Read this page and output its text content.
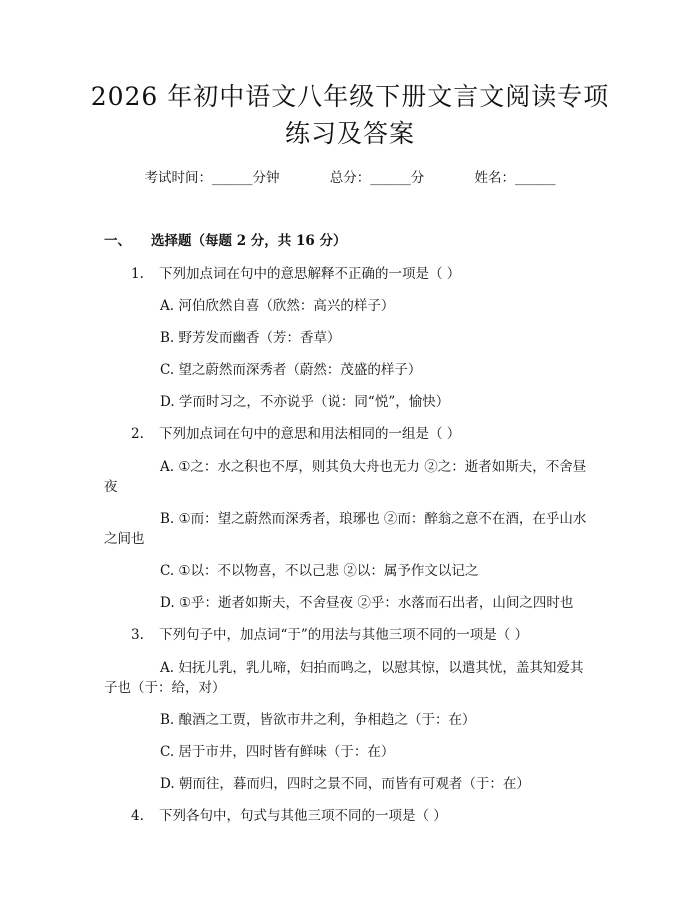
2026 年初中语文八年级下册文言文阅读专项
练习及答案
考试时间：______分钟	总分：______分	姓名：______
一、 选择题（每题 2 分，共 16 分）
1. 下列加点词在句中的意思解释不正确的一项是（ ）
A. 河伯欣然自喜（欣然：高兴的样子）
B. 野芳发而幽香（芳：香草）
C. 望之蔚然而深秀者（蔚然：茂盛的样子）
D. 学而时习之，不亦说乎（说：同“悦”，愉快）
2. 下列加点词在句中的意思和用法相同的一组是（ ）
A. ①之：水之积也不厚，则其负大舟也无力 ②之：逝者如斯夫，不舍昼
夜
B. ①而：望之蔚然而深秀者，琅琊也 ②而：醉翁之意不在酒，在乎山水
之间也
C. ①以：不以物喜，不以己悲 ②以：属予作文以记之
D. ①乎：逝者如斯夫，不舍昼夜 ②乎：水落而石出者，山间之四时也
3. 下列句子中，加点词“于”的用法与其他三项不同的一项是（ ）
A. 妇抚儿乳，乳儿啼，妇拍而鸣之，以慰其惊，以遣其忧，盖其知爱其
子也（于：给，对）
B. 酿酒之工贾，皆欲市井之利，争相趋之（于：在）
C. 居于市井，四时皆有鲜味（于：在）
D. 朝而往，暮而归，四时之景不同，而皆有可观者（于：在）
4. 下列各句中，句式与其他三项不同的一项是（ ）
